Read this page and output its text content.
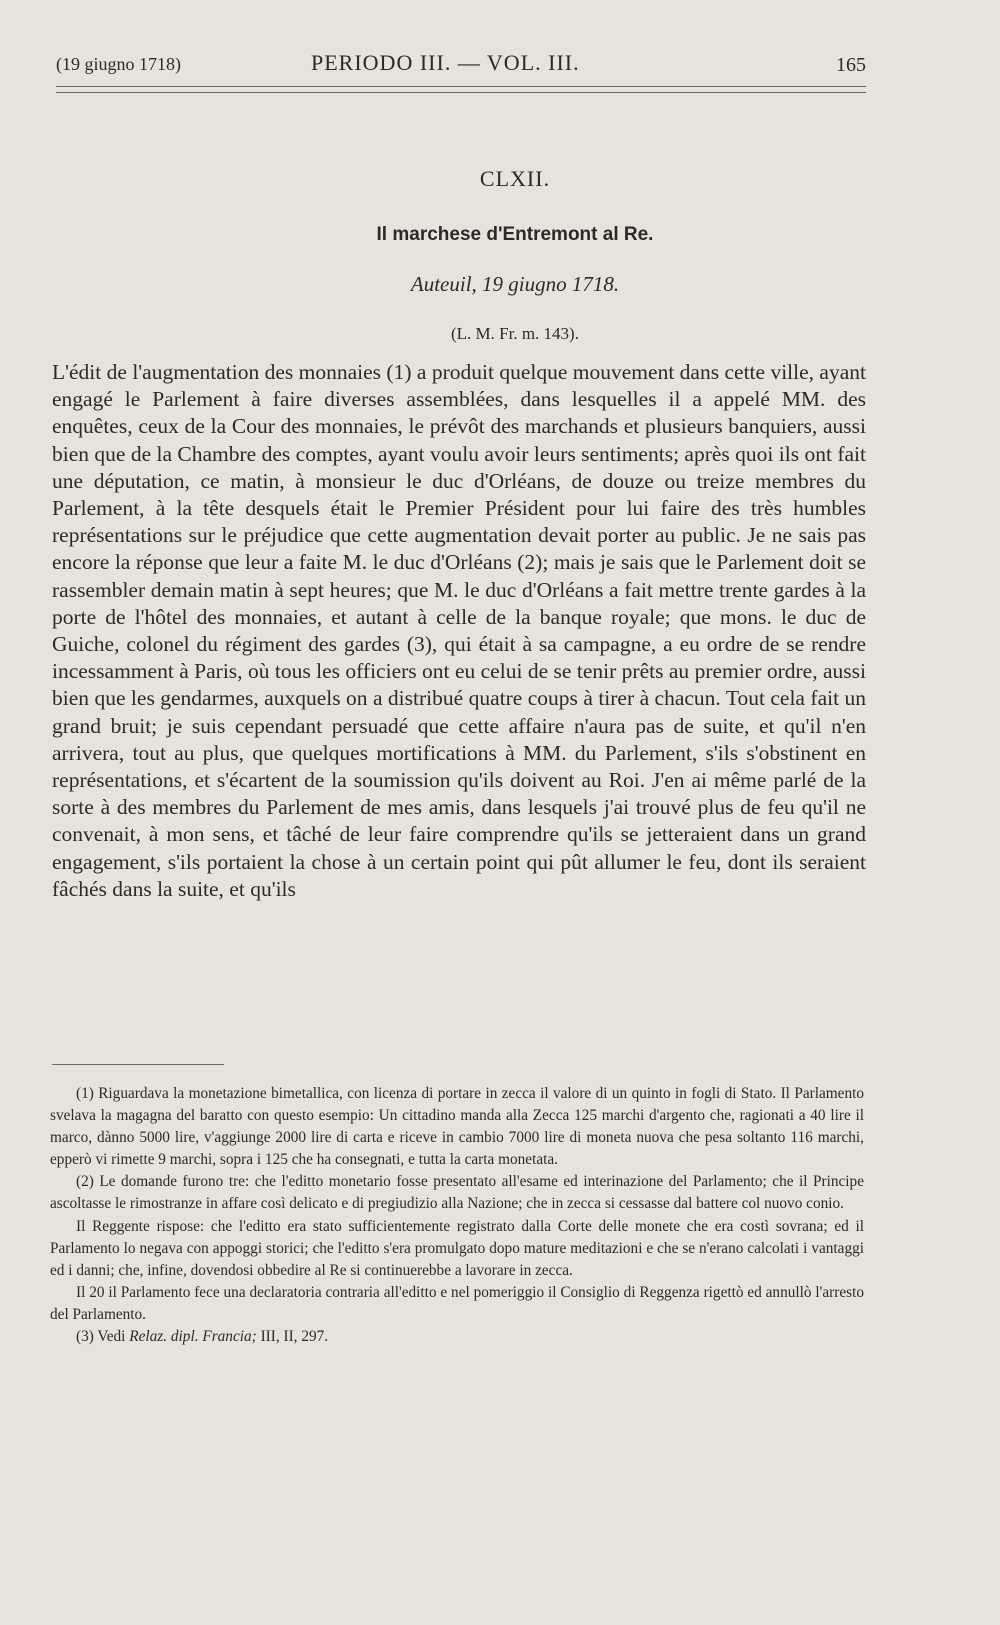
(19 giugno 1718)	PERIODO III. — VOL. III.	165
CLXII.
Il marchese d'Entremont al Re.
Auteuil, 19 giugno 1718.
(L. M. Fr. m. 143).

L'édit de l'augmentation des monnaies (1) a produit quelque mouvement dans cette ville, ayant engagé le Parlement à faire diverses assemblées, dans lesquelles il a appelé MM. des enquêtes, ceux de la Cour des monnaies, le prévôt des marchands et plusieurs banquiers, aussi bien que de la Chambre des comptes, ayant voulu avoir leurs sentiments; après quoi ils ont fait une députation, ce matin, à monsieur le duc d'Orléans, de douze ou treize membres du Parlement, à la tête desquels était le Premier Président pour lui faire des très humbles représentations sur le préjudice que cette augmentation devait porter au public. Je ne sais pas encore la réponse que leur a faite M. le duc d'Orléans (2); mais je sais que le Parlement doit se rassembler demain matin à sept heures; que M. le duc d'Orléans a fait mettre trente gardes à la porte de l'hôtel des monnaies, et autant à celle de la banque royale; que mons. le duc de Guiche, colonel du régiment des gardes (3), qui était à sa campagne, a eu ordre de se rendre incessamment à Paris, où tous les officiers ont eu celui de se tenir prêts au premier ordre, aussi bien que les gendarmes, auxquels on a distribué quatre coups à tirer à chacun. Tout cela fait un grand bruit; je suis cependant persuadé que cette affaire n'aura pas de suite, et qu'il n'en arrivera, tout au plus, que quelques mortifications à MM. du Parlement, s'ils s'obstinent en représentations, et s'écartent de la soumission qu'ils doivent au Roi. J'en ai même parlé de la sorte à des membres du Parlement de mes amis, dans lesquels j'ai trouvé plus de feu qu'il ne convenait, à mon sens, et tâché de leur faire comprendre qu'ils se jetteraient dans un grand engagement, s'ils portaient la chose à un certain point qui pût allumer le feu, dont ils seraient fâchés dans la suite, et qu'ils

(1) Riguardava la monetazione bimetallica, con licenza di portare in zecca il valore di un quinto in fogli di Stato. Il Parlamento svelava la magagna del baratto con questo esempio: Un cittadino manda alla Zecca 125 marchi d'argento che, ragionati a 40 lire il marco, dànno 5000 lire, v'aggiunge 2000 lire di carta e riceve in cambio 7000 lire di moneta nuova che pesa soltanto 116 marchi, epperò vi rimette 9 marchi, sopra i 125 che ha consegnati, e tutta la carta monetata.

(2) Le domande furono tre: che l'editto monetario fosse presentato all'esame ed interinazione del Parlamento; che il Principe ascoltasse le rimostranze in affare così delicato e di pregiudizio alla Nazione; che in zecca si cessasse dal battere col nuovo conio.

Il Reggente rispose: che l'editto era stato sufficientemente registrato dalla Corte delle monete che era costì sovrana; ed il Parlamento lo negava con appoggi storici; che l'editto s'era promulgato dopo mature meditazioni e che se n'erano calcolati i vantaggi ed i danni; che, infine, dovendosi obbedire al Re si continuerebbe a lavorare in zecca.

Il 20 il Parlamento fece una declaratoria contraria all'editto e nel pomeriggio il Consiglio di Reggenza rigettò ed annullò l'arresto del Parlamento.

(3) Vedi Relaz. dipl. Francia; III, II, 297.
